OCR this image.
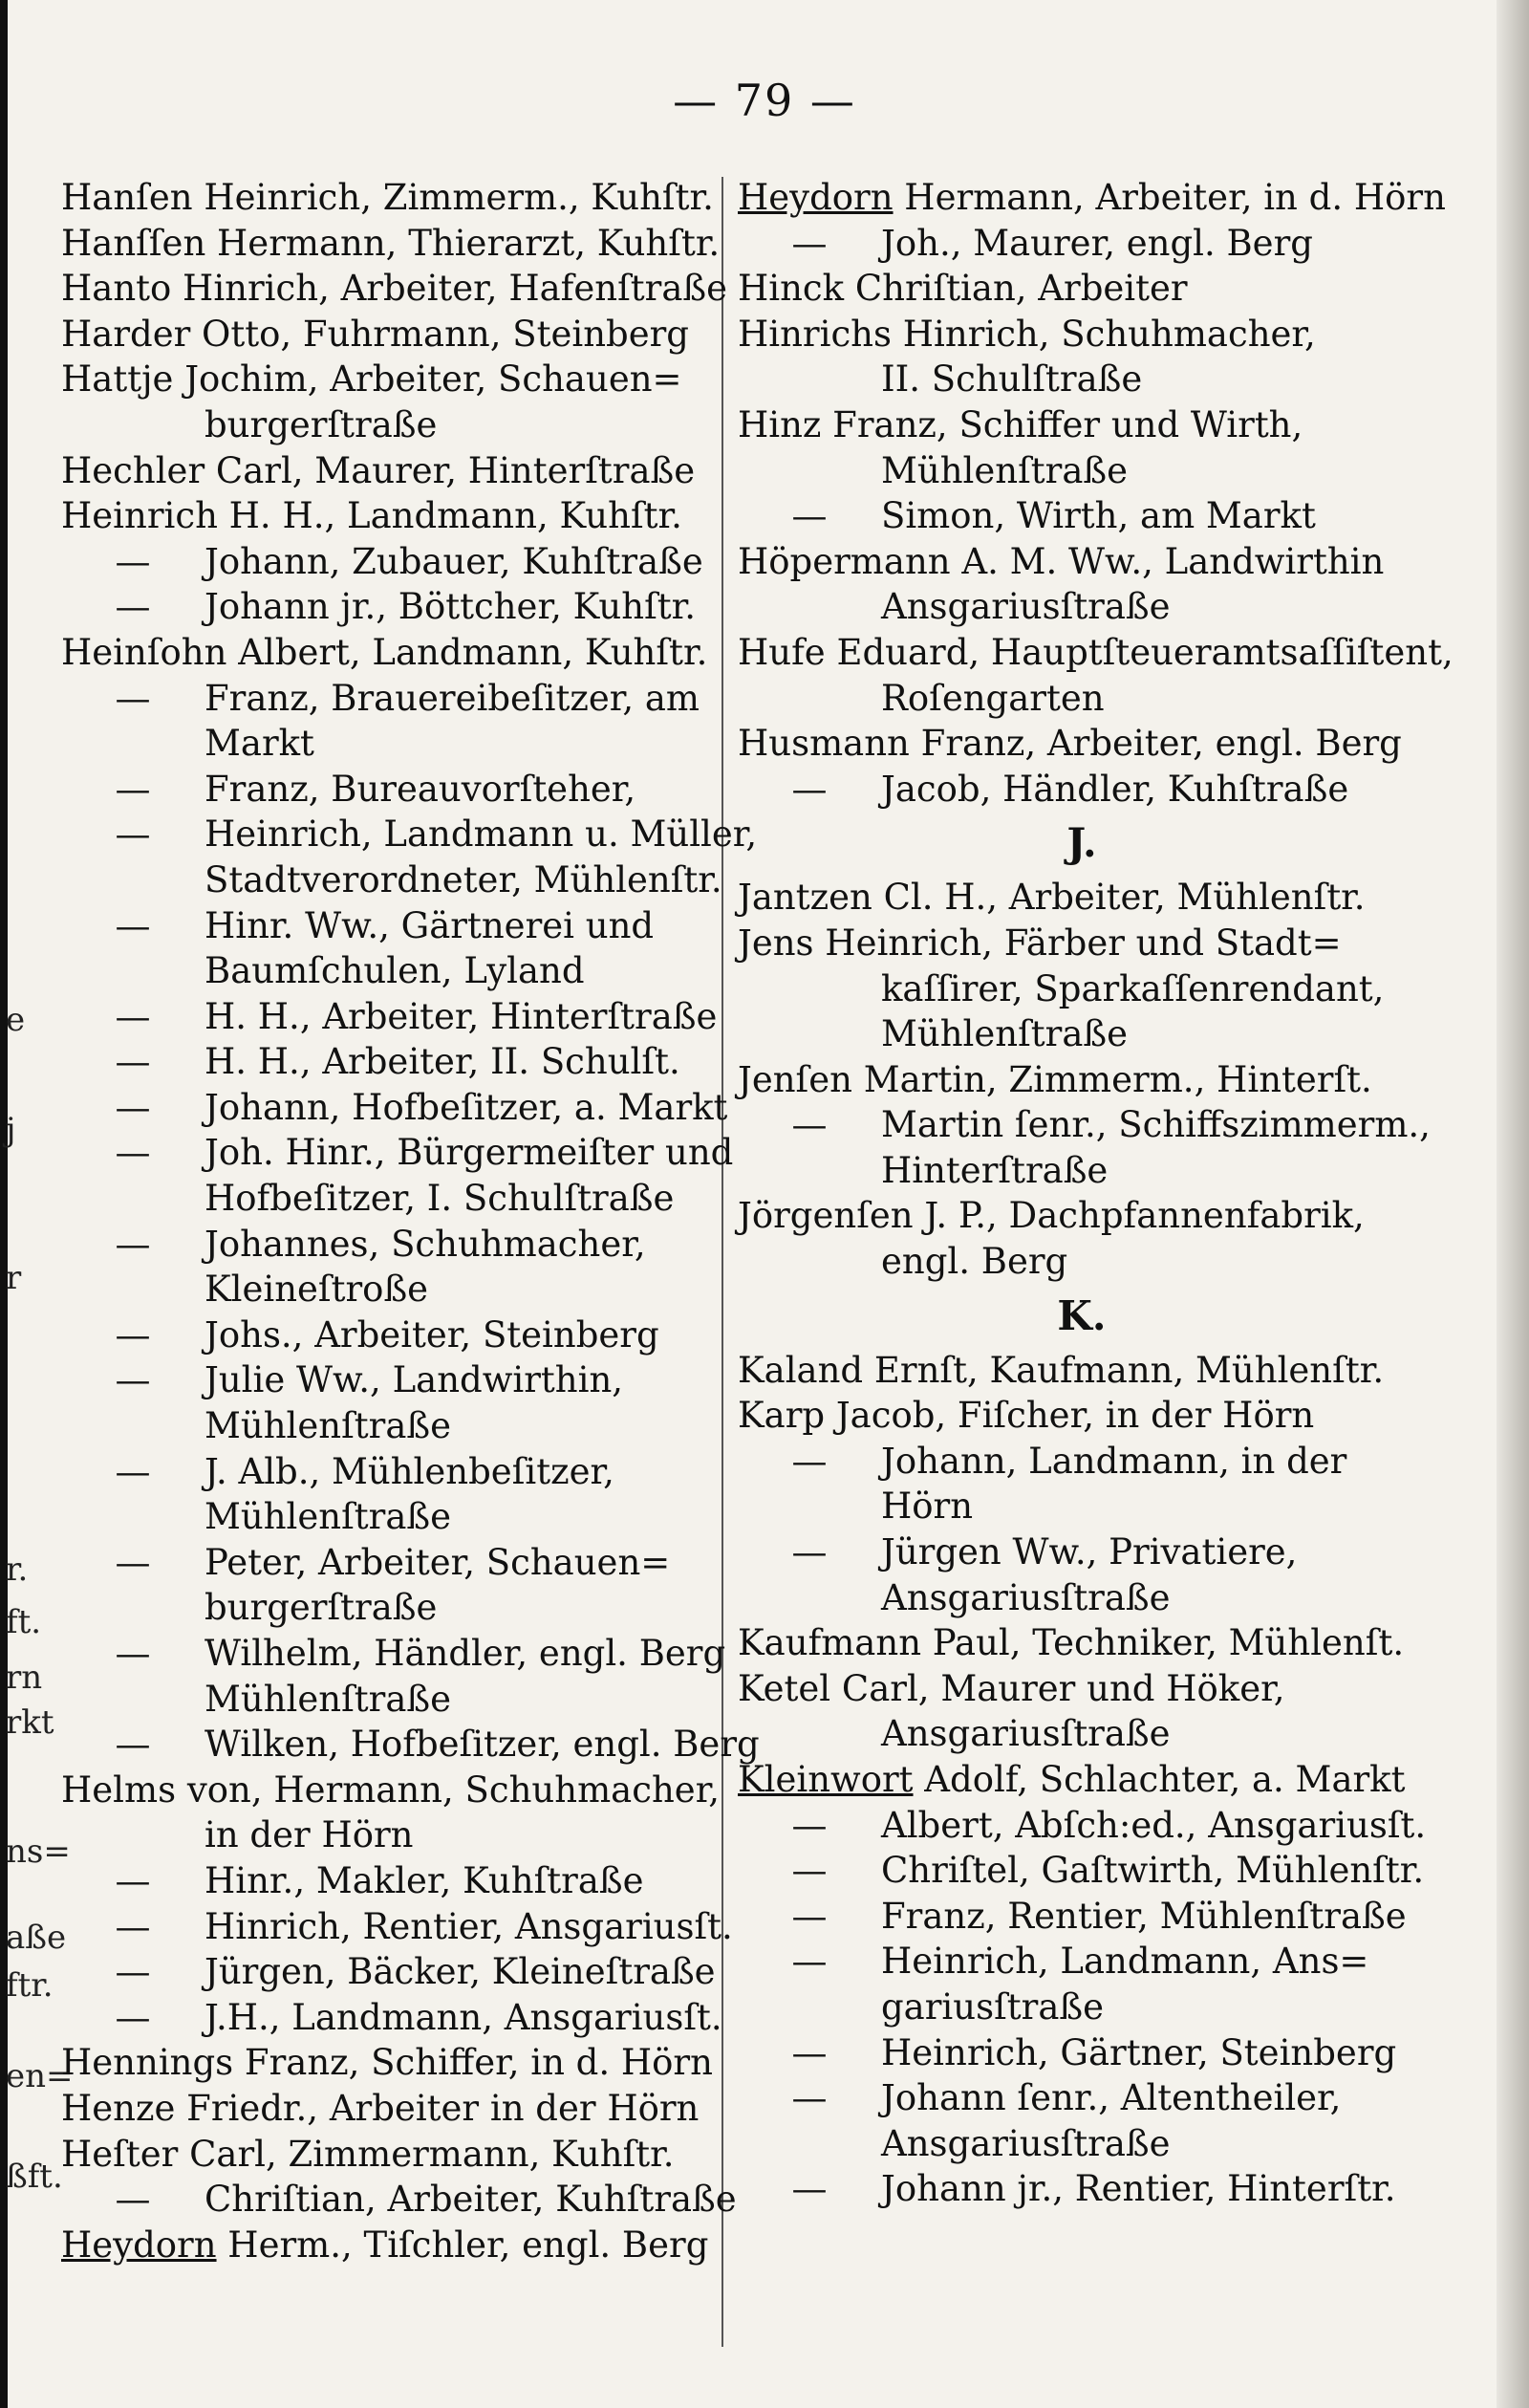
e
j
r
r.
ft.
rn
rkt
ns=
aße
ftr.
en=
ßft.
— 79 —
Hanſen Heinrich, Zimmerm., Kuhſtr.
Hanſſen Hermann, Thierarzt, Kuhſtr.
Hanto Hinrich, Arbeiter, Hafenſtraße
Harder Otto, Fuhrmann, Steinberg
Hattje Jochim, Arbeiter, Schauen=
burgerſtraße
Hechler Carl, Maurer, Hinterſtraße
Heinrich H. H., Landmann, Kuhſtr.
— Johann, Zubauer, Kuhſtraße
— Johann jr., Böttcher, Kuhſtr.
Heinſohn Albert, Landmann, Kuhſtr.
— Franz, Brauereibeſitzer, am
Markt
— Franz, Bureauvorſteher,
— Heinrich, Landmann u. Müller,
Stadtverordneter, Mühlenſtr.
— Hinr. Ww., Gärtnerei und
Baumſchulen, Lyland
— H. H., Arbeiter, Hinterſtraße
— H. H., Arbeiter, II. Schulſt.
— Johann, Hofbeſitzer, a. Markt
— Joh. Hinr., Bürgermeiſter und
Hofbeſitzer, I. Schulſtraße
— Johannes, Schuhmacher,
Kleineſtroße
— Johs., Arbeiter, Steinberg
— Julie Ww., Landwirthin,
Mühlenſtraße
— J. Alb., Mühlenbeſitzer,
Mühlenſtraße
— Peter, Arbeiter, Schauen=
burgerſtraße
— Wilhelm, Händler, engl. Berg
Mühlenſtraße
— Wilken, Hofbeſitzer, engl. Berg
Helms von, Hermann, Schuhmacher,
in der Hörn
— Hinr., Makler, Kuhſtraße
— Hinrich, Rentier, Ansgariusſt.
— Jürgen, Bäcker, Kleineſtraße
— J.H., Landmann, Ansgariusſt.
Hennings Franz, Schiffer, in d. Hörn
Henze Friedr., Arbeiter in der Hörn
Heſter Carl, Zimmermann, Kuhſtr.
— Chriſtian, Arbeiter, Kuhſtraße
Heydorn Herm., Tiſchler, engl. Berg
Heydorn Hermann, Arbeiter, in d. Hörn
— Joh., Maurer, engl. Berg
Hinck Chriſtian, Arbeiter
Hinrichs Hinrich, Schuhmacher,
II. Schulſtraße
Hinz Franz, Schiffer und Wirth,
Mühlenſtraße
— Simon, Wirth, am Markt
Höpermann A. M. Ww., Landwirthin
Ansgariusſtraße
Hufe Eduard, Hauptſteueramtsaſſiſtent,
Roſengarten
Husmann Franz, Arbeiter, engl. Berg
— Jacob, Händler, Kuhſtraße
J.
Jantzen Cl. H., Arbeiter, Mühlenſtr.
Jens Heinrich, Färber und Stadt=
kaſſirer, Sparkaſſenrendant,
Mühlenſtraße
Jenſen Martin, Zimmerm., Hinterſt.
— Martin ſenr., Schiffszimmerm.,
Hinterſtraße
Jörgenſen J. P., Dachpfannenfabrik,
engl. Berg
K.
Kaland Ernſt, Kaufmann, Mühlenſtr.
Karp Jacob, Fiſcher, in der Hörn
— Johann, Landmann, in der
Hörn
— Jürgen Ww., Privatiere,
Ansgariusſtraße
Kaufmann Paul, Techniker, Mühlenſt.
Ketel Carl, Maurer und Höker,
Ansgariusſtraße
Kleinwort Adolf, Schlachter, a. Markt
— Albert, Abſch:ed., Ansgariusſt.
— Chriſtel, Gaſtwirth, Mühlenſtr.
— Franz, Rentier, Mühlenſtraße
— Heinrich, Landmann, Ans=
gariusſtraße
— Heinrich, Gärtner, Steinberg
— Johann ſenr., Altentheiler,
Ansgariusſtraße
— Johann jr., Rentier, Hinterſtr.
